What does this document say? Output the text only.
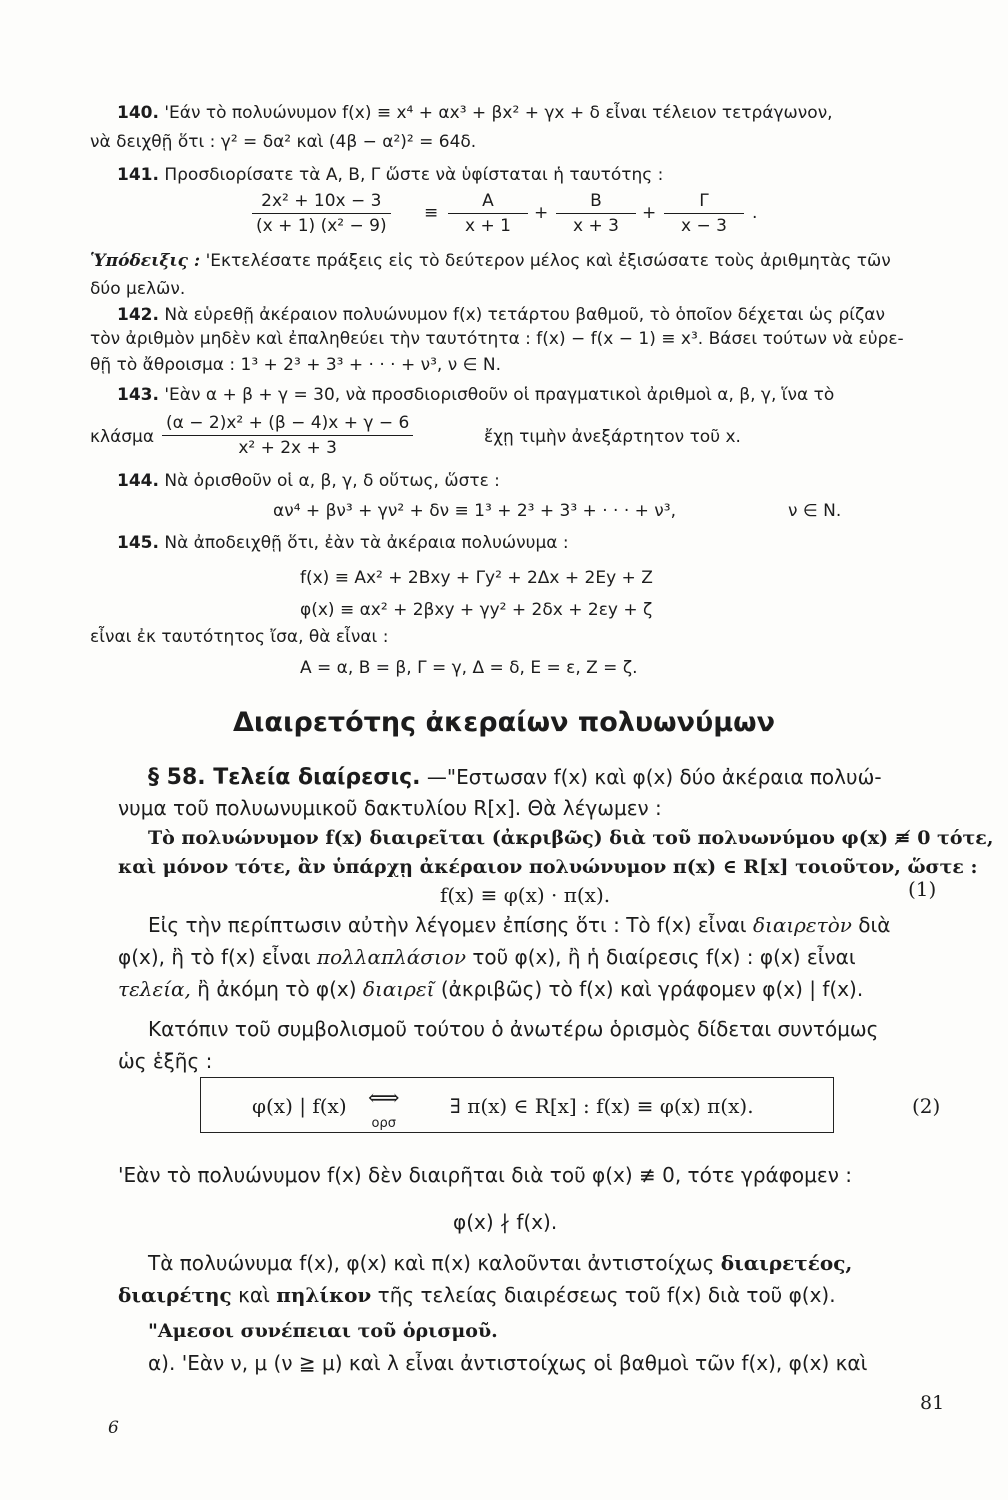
140. 'Εάν τὸ πολυώνυμον f(x) ≡ x⁴ + αx³ + βx² + γx + δ εἶναι τέλειον τετράγωνον,
νὰ δειχθῇ ὅτι : γ² = δα² καὶ (4β − α²)² = 64δ.
141. Προσδιορίσατε τὰ Α, Β, Γ ὥστε νὰ ὑφίσταται ἡ ταυτότης :
2x² + 10x − 3
(x + 1) (x² − 9)
≡
Α
x + 1
+
Β
x + 3
+
Γ
x − 3
.
Ὑπόδειξις : 'Εκτελέσατε πράξεις εἰς τὸ δεύτερον μέλος καὶ ἐξισώσατε τοὺς ἀριθμητὰς τῶν
δύο μελῶν.
142. Νὰ εὑρεθῇ ἀκέραιον πολυώνυμον f(x) τετάρτου βαθμοῦ, τὸ ὁποῖον δέχεται ὡς ρίζαν
τὸν ἀριθμὸν μηδὲν καὶ ἐπαληθεύει τὴν ταυτότητα : f(x) − f(x − 1) ≡ x³. Βάσει τούτων νὰ εὑρε-
θῇ τὸ ἄθροισμα : 1³ + 2³ + 3³ + · · · + ν³, ν ∈ N.
143. 'Εὰν α + β + γ = 30, νὰ προσδιορισθοῦν οἱ πραγματικοὶ ἀριθμοὶ α, β, γ, ἵνα τὸ
κλάσμα
(α − 2)x² + (β − 4)x + γ − 6
x² + 2x + 3
ἔχῃ τιμὴν ἀνεξάρτητον τοῦ x.
144. Νὰ ὁρισθοῦν οἱ α, β, γ, δ οὕτως, ὥστε :
αν⁴ + βν³ + γν² + δν ≡ 1³ + 2³ + 3³ + · · · + ν³,	ν ∈ N.
145. Νὰ ἀποδειχθῇ ὅτι, ἐὰν τὰ ἀκέραια πολυώνυμα :
f(x) ≡ Αx² + 2Βxy + Γy² + 2Δx + 2Εy + Ζ
φ(x) ≡ αx² + 2βxy + γy² + 2δx + 2εy + ζ
εἶναι ἐκ ταυτότητος ἴσα, θὰ εἶναι :
Α = α, Β = β, Γ = γ, Δ = δ, Ε = ε, Ζ = ζ.
Διαιρετότης ἀκεραίων πολυωνύμων
§ 58. Τελεία διαίρεσις. —"Εστωσαν f(x) καὶ φ(x) δύο ἀκέραια πολυώ-
νυμα τοῦ πολυωνυμικοῦ δακτυλίου R[x]. Θὰ λέγωμεν :
Τὸ πολυώνυμον f(x) διαιρεῖται (ἀκριβῶς) διὰ τοῦ πολυωνύμου φ(x) ≢ 0 τότε,
καὶ μόνον τότε, ἂν ὑπάρχῃ ἀκέραιον πολυώνυμον π(x) ∈ R[x] τοιοῦτον, ὥστε :
f(x) ≡ φ(x) · π(x).	(1)
Εἰς τὴν περίπτωσιν αὐτὴν λέγομεν ἐπίσης ὅτι : Τὸ f(x) εἶναι διαιρετὸν διὰ
φ(x), ἢ τὸ f(x) εἶναι πολλαπλάσιον τοῦ φ(x), ἢ ἡ διαίρεσις f(x) : φ(x) εἶναι
τελεία, ἢ ἀκόμη τὸ φ(x) διαιρεῖ (ἀκριβῶς) τὸ f(x) καὶ γράφομεν φ(x) | f(x).
Κατόπιν τοῦ συμβολισμοῦ τούτου ὁ ἀνωτέρω ὁρισμὸς δίδεται συντόμως
ὡς ἑξῆς :
φ(x) | f(x) ⟺
ορσ
∃ π(x) ∈ R[x] : f(x) ≡ φ(x) π(x).	(2)
'Εὰν τὸ πολυώνυμον f(x) δὲν διαιρῆται διὰ τοῦ φ(x) ≢ 0, τότε γράφομεν :
φ(x) ∤ f(x).
Τὰ πολυώνυμα f(x), φ(x) καὶ π(x) καλοῦνται ἀντιστοίχως διαιρετέος,
διαιρέτης καὶ πηλίκον τῆς τελείας διαιρέσεως τοῦ f(x) διὰ τοῦ φ(x).
"Αμεσοι συνέπειαι τοῦ ὁρισμοῦ.
α). 'Εὰν ν, μ (ν ≧ μ) καὶ λ εἶναι ἀντιστοίχως οἱ βαθμοὶ τῶν f(x), φ(x) καὶ
6
81
